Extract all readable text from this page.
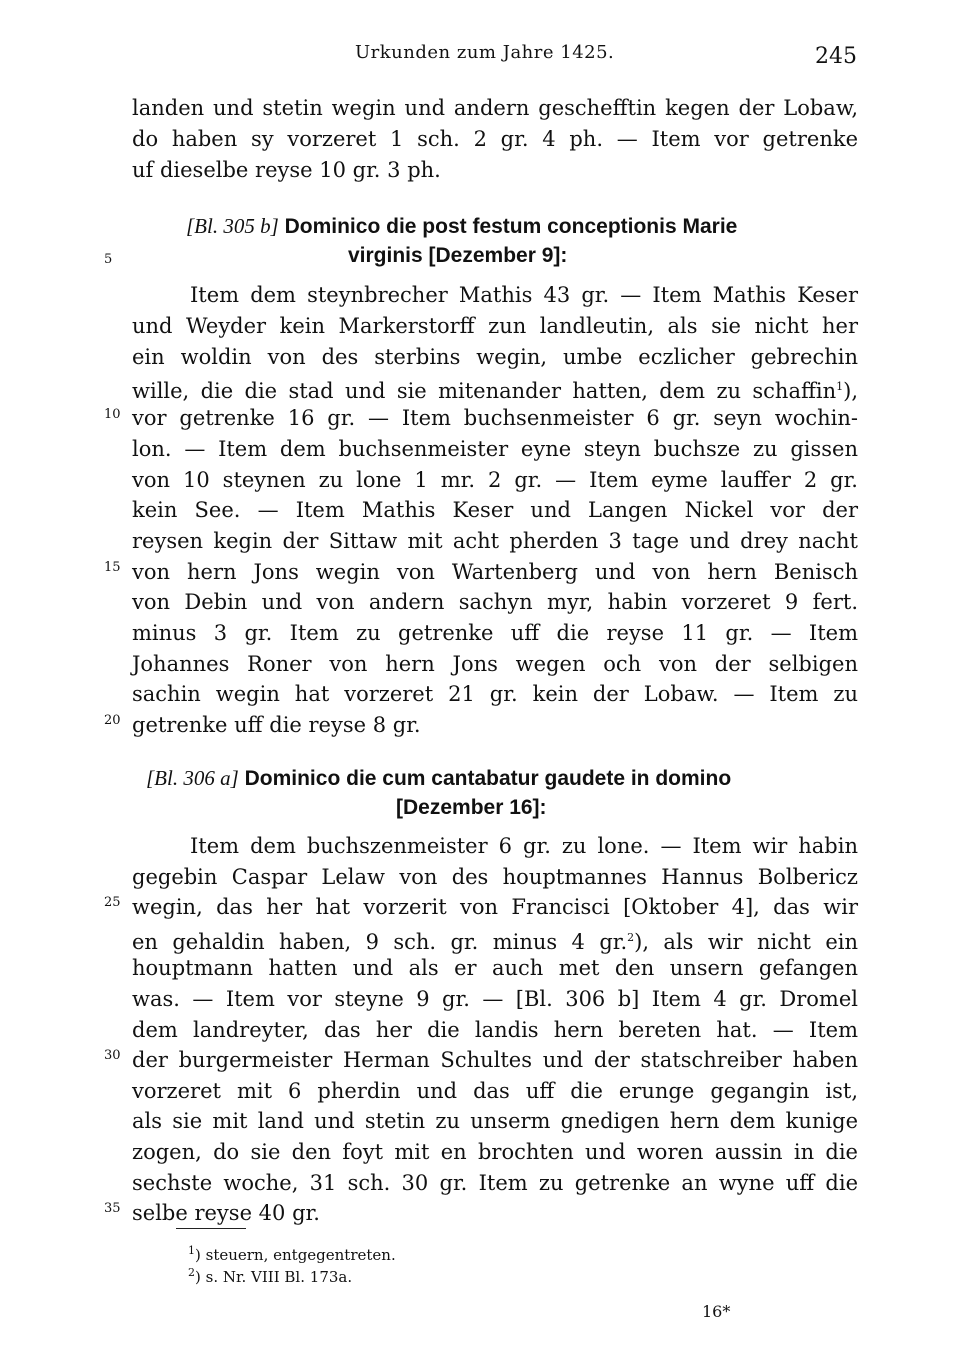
Urkunden zum Jahre 1425.	245
landen und stetin wegin und andern geschefftin kegen der Lobaw,
do haben sy vorzeret 1 sch. 2 gr. 4 ph. — Item vor getrenke
uf dieselbe reyse 10 gr. 3 ph.
[Bl. 305 b] Dominico die post festum conceptionis Marie
virginis [Dezember 9]:
Item dem steynbrecher Mathis 43 gr. — Item Mathis Keser
und Weyder kein Markerstorff zun landleutin, als sie nicht her
ein woldin von des sterbins wegin, umbe eczlicher gebrechin
wille, die die stad und sie mitenander hatten, dem zu schaffin$^1$),
vor getrenke 16 gr. — Item buchsenmeister 6 gr. seyn wochin-
lon. — Item dem buchsenmeister eyne steyn buchsze zu gissen
von 10 steynen zu lone 1 mr. 2 gr. — Item eyme lauffer 2 gr.
kein See. — Item Mathis Keser und Langen Nickel vor der
reysen kegin der Sittaw mit acht pherden 3 tage und drey nacht
von hern Jons wegin von Wartenberg und von hern Benisch
von Debin und von andern sachyn myr, habin vorzeret 9 fert.
minus 3 gr. Item zu getrenke uff die reyse 11 gr. — Item
Johannes Roner von hern Jons wegen och von der selbigen
sachin wegin hat vorzeret 21 gr. kein der Lobaw. — Item zu
getrenke uff die reyse 8 gr.
[Bl. 306 a] Dominico die cum cantabatur gaudete in domino
[Dezember 16]:
Item dem buchszenmeister 6 gr. zu lone. — Item wir habin
gegebin Caspar Lelaw von des houptmannes Hannus Bolbericz
wegin, das her hat vorzerit von Francisci [Oktober 4], das wir
en gehaldin haben, 9 sch. gr. minus 4 gr.$^2$), als wir nicht ein
houptmann hatten und als er auch met den unsern gefangen
was. — Item vor steyne 9 gr. — [Bl. 306 b] Item 4 gr. Dromel
dem landreyter, das her die landis hern bereten hat. — Item
der burgermeister Herman Schultes und der statschreiber haben
vorzeret mit 6 pherdin und das uff die erunge gegangin ist,
als sie mit land und stetin zu unserm gnedigen hern dem kunige
zogen, do sie den foyt mit en brochten und woren aussin in die
sechste woche, 31 sch. 30 gr. Item zu getrenke an wyne uff die
selbe reyse 40 gr.
5
10
15
20
25
30
35
$^1$) steuern, entgegentreten.
$^2$) s. Nr. VIII Bl. 173a.
16*
